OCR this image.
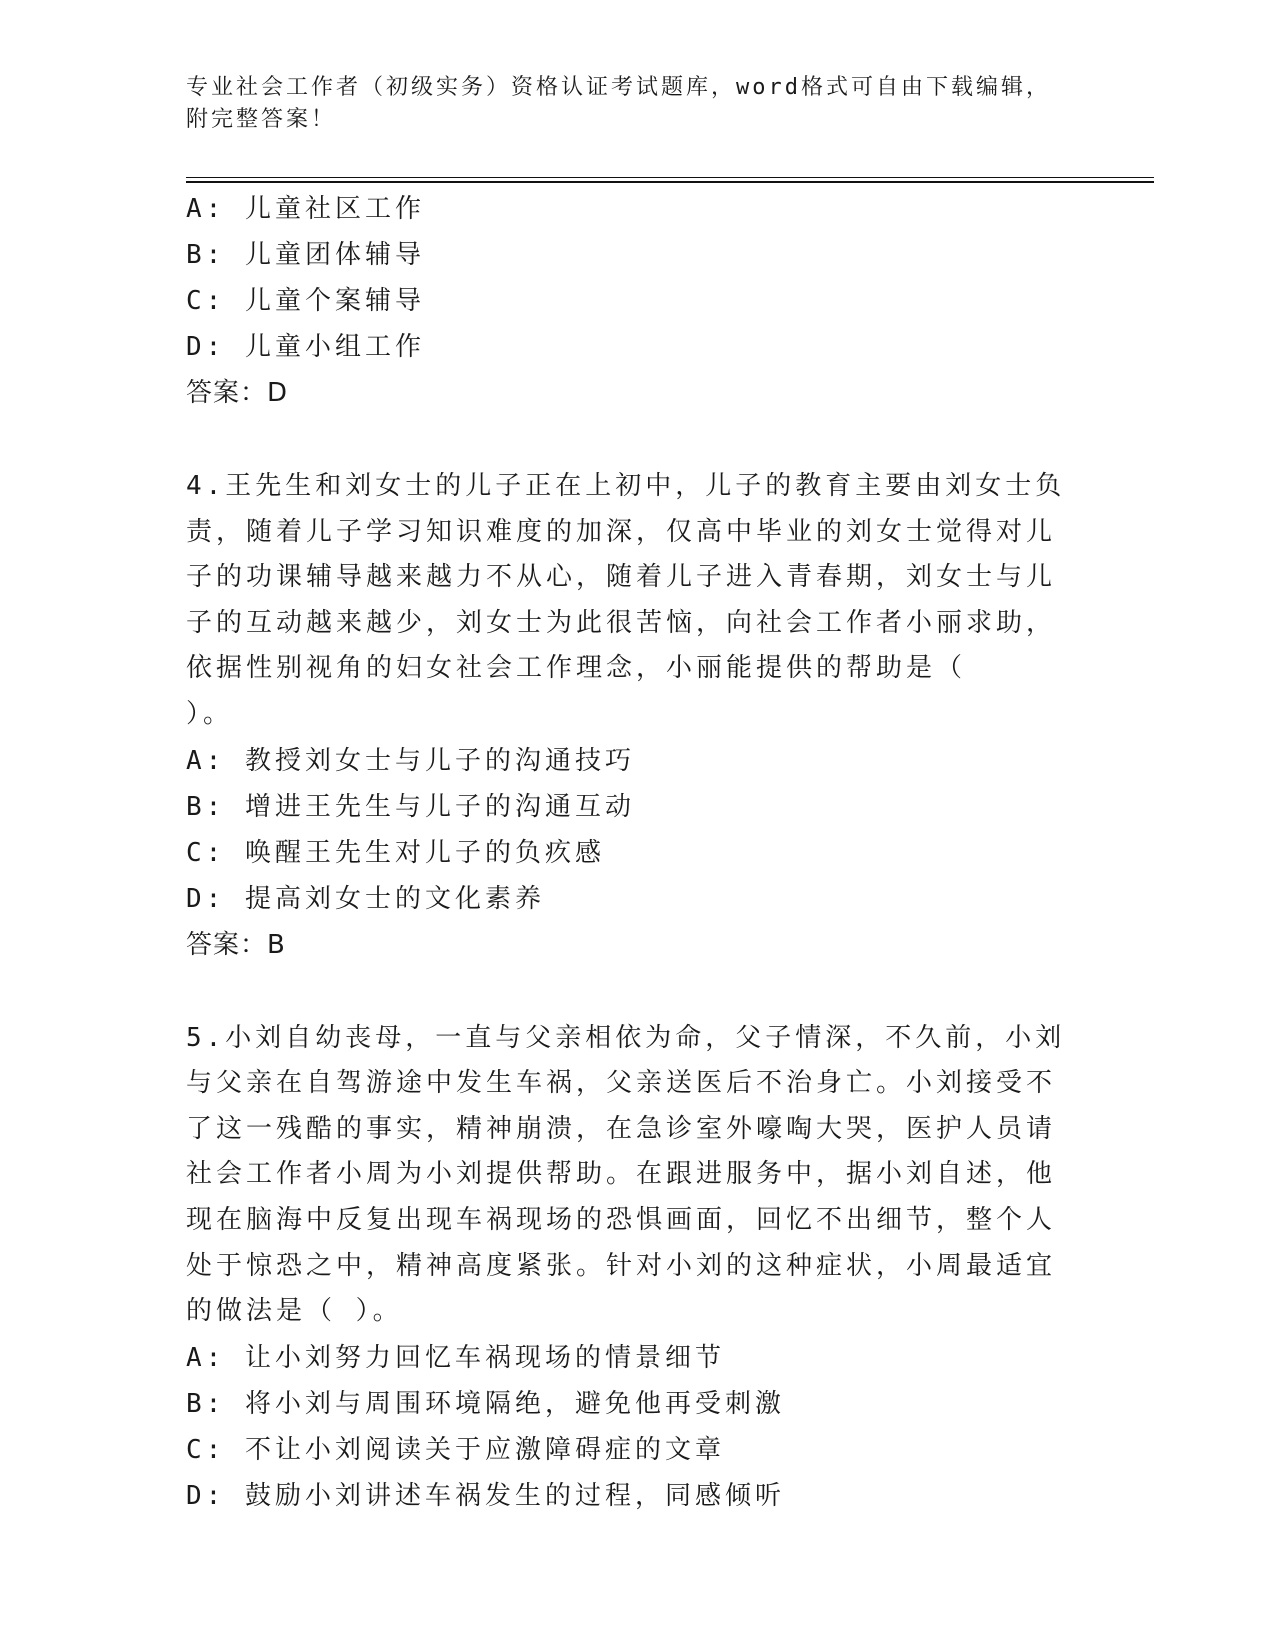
专业社会工作者（初级实务）资格认证考试题库，word格式可自由下载编辑，附完整答案！
A: 儿童社区工作
B: 儿童团体辅导
C: 儿童个案辅导
D: 儿童小组工作
答案：D
4.王先生和刘女士的儿子正在上初中，儿子的教育主要由刘女士负责，随着儿子学习知识难度的加深，仅高中毕业的刘女士觉得对儿子的功课辅导越来越力不从心，随着儿子进入青春期，刘女士与儿子的互动越来越少，刘女士为此很苦恼，向社会工作者小丽求助，依据性别视角的妇女社会工作理念，小丽能提供的帮助是（　　）。
A: 教授刘女士与儿子的沟通技巧
B: 增进王先生与儿子的沟通互动
C: 唤醒王先生对儿子的负疚感
D: 提高刘女士的文化素养
答案：B
5.小刘自幼丧母，一直与父亲相依为命，父子情深，不久前，小刘与父亲在自驾游途中发生车祸，父亲送医后不治身亡。小刘接受不了这一残酷的事实，精神崩溃，在急诊室外嚎啕大哭，医护人员请社会工作者小周为小刘提供帮助。在跟进服务中，据小刘自述，他现在脑海中反复出现车祸现场的恐惧画面，回忆不出细节，整个人处于惊恐之中，精神高度紧张。针对小刘的这种症状，小周最适宜的做法是（ ）。
A: 让小刘努力回忆车祸现场的情景细节
B: 将小刘与周围环境隔绝，避免他再受刺激
C: 不让小刘阅读关于应激障碍症的文章
D: 鼓励小刘讲述车祸发生的过程，同感倾听
